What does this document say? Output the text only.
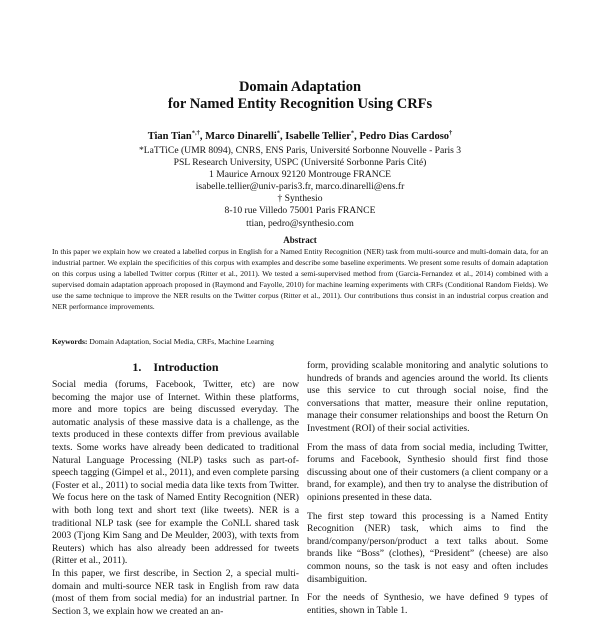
Domain Adaptation
for Named Entity Recognition Using CRFs
Tian Tian*,†, Marco Dinarelli*, Isabelle Tellier*, Pedro Dias Cardoso†
*LaTTiCe (UMR 8094), CNRS, ENS Paris, Université Sorbonne Nouvelle - Paris 3
PSL Research University, USPC (Université Sorbonne Paris Cité)
1 Maurice Arnoux 92120 Montrouge FRANCE
isabelle.tellier@univ-paris3.fr, marco.dinarelli@ens.fr
† Synthesio
8-10 rue Villedo 75001 Paris FRANCE
ttian, pedro@synthesio.com
Abstract
In this paper we explain how we created a labelled corpus in English for a Named Entity Recognition (NER) task from multi-source and multi-domain data, for an industrial partner. We explain the specificities of this corpus with examples and describe some baseline experiments. We present some results of domain adaptation on this corpus using a labelled Twitter corpus (Ritter et al., 2011). We tested a semi-supervised method from (Garcia-Fernandez et al., 2014) combined with a supervised domain adaptation approach proposed in (Raymond and Fayolle, 2010) for machine learning experiments with CRFs (Conditional Random Fields). We use the same technique to improve the NER results on the Twitter corpus (Ritter et al., 2011). Our contributions thus consist in an industrial corpus creation and NER performance improvements.
Keywords: Domain Adaptation, Social Media, CRFs, Machine Learning
1. Introduction

Social media (forums, Facebook, Twitter, etc) are now becoming the major use of Internet. Within these platforms, more and more topics are being discussed everyday. The automatic analysis of these massive data is a challenge, as the texts produced in these contexts differ from previous available texts. Some works have already been dedicated to traditional Natural Language Processing (NLP) tasks such as part-of-speech tagging (Gimpel et al., 2011), and even complete parsing (Foster et al., 2011) to social media data like texts from Twitter. We focus here on the task of Named Entity Recognition (NER) with both long text and short text (like tweets). NER is a traditional NLP task (see for example the CoNLL shared task 2003 (Tjong Kim Sang and De Meulder, 2003), with texts from Reuters) which has also already been addressed for tweets (Ritter et al., 2011).

In this paper, we first describe, in Section 2, a special multi-domain and multi-source NER task in English from raw data (most of them from social media) for an industrial partner. In Section 3, we explain how we created an an-

form, providing scalable monitoring and analytic solutions to hundreds of brands and agencies around the world. Its clients use this service to cut through social noise, find the conversations that matter, measure their online reputation, manage their consumer relationships and boost the Return On Investment (ROI) of their social activities.

From the mass of data from social media, including Twitter, forums and Facebook, Synthesio should first find those discussing about one of their customers (a client company or a brand, for example), and then try to analyse the distribution of opinions presented in these data.

The first step toward this processing is a Named Entity Recognition (NER) task, which aims to find the brand/company/person/product a text talks about. Some brands like “Boss” (clothes), “President” (cheese) are also common nouns, so the task is not easy and often includes disambiguition.

For the needs of Synthesio, we have defined 9 types of entities, shown in Table 1.
